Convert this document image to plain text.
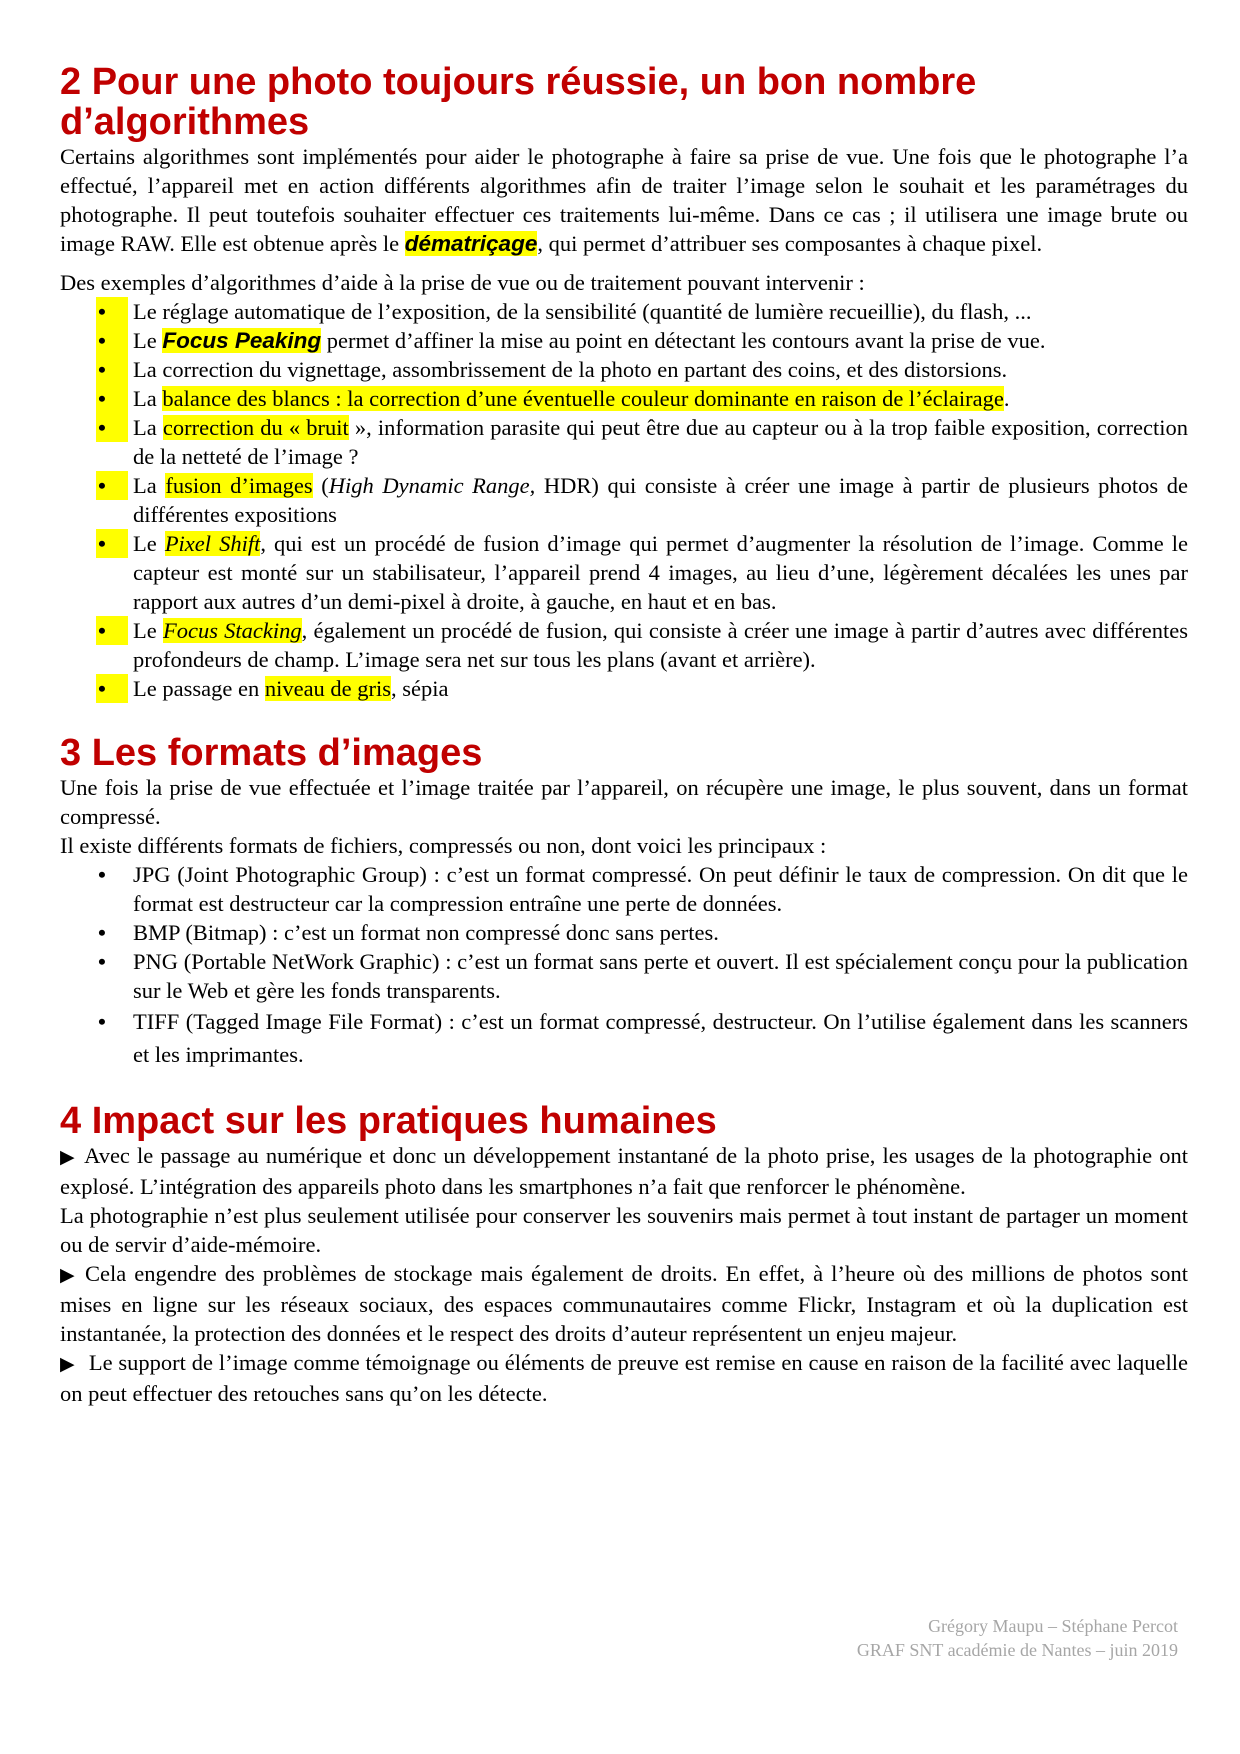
2 Pour une photo toujours réussie, un bon nombre d’algorithmes

Certains algorithmes sont implémentés pour aider le photographe à faire sa prise de vue. Une fois que le photographe l’a effectué, l’appareil met en action différents algorithmes afin de traiter l’image selon le souhait et les paramétrages du photographe. Il peut toutefois souhaiter effectuer ces traitements lui-même. Dans ce cas ; il utilisera une image brute ou image RAW. Elle est obtenue après le dématriçage, qui permet d’attribuer ses composantes à chaque pixel.

Des exemples d’algorithmes d’aide à la prise de vue ou de traitement pouvant intervenir :

•	Le réglage automatique de l’exposition, de la sensibilité (quantité de lumière recueillie), du flash, ...
•	Le Focus Peaking permet d’affiner la mise au point en détectant les contours avant la prise de vue.
•	La correction du vignettage, assombrissement de la photo en partant des coins, et des distorsions.
•	La balance des blancs : la correction d’une éventuelle couleur dominante en raison de l’éclairage.
•	La correction du « bruit », information parasite qui peut être due au capteur ou à la trop faible exposition, correction de la netteté de l’image ?
•	La fusion d’images (High Dynamic Range, HDR) qui consiste à créer une image à partir de plusieurs photos de différentes expositions
•	Le Pixel Shift, qui est un procédé de fusion d’image qui permet d’augmenter la résolution de l’image. Comme le capteur est monté sur un stabilisateur, l’appareil prend 4 images, au lieu d’une, légèrement décalées les unes par rapport aux autres d’un demi-pixel à droite, à gauche, en haut et en bas.
•	Le Focus Stacking, également un procédé de fusion, qui consiste à créer une image à partir d’autres avec différentes profondeurs de champ. L’image sera net sur tous les plans (avant et arrière).
•	Le passage en niveau de gris, sépia
3 Les formats d’images

Une fois la prise de vue effectuée et l’image traitée par l’appareil, on récupère une image, le plus souvent, dans un format compressé.

Il existe différents formats de fichiers, compressés ou non, dont voici les principaux :

•	JPG (Joint Photographic Group) : c’est un format compressé. On peut définir le taux de compression. On dit que le format est destructeur car la compression entraîne une perte de données.
•	BMP (Bitmap) : c’est un format non compressé donc sans pertes.
•	PNG (Portable NetWork Graphic) : c’est un format sans perte et ouvert. Il est spécialement conçu pour la publication sur le Web et gère les fonds transparents.
•	TIFF (Tagged Image File Format) : c’est un format compressé, destructeur. On l’utilise également dans les scanners et les imprimantes.
4 Impact sur les pratiques humaines

▶ Avec le passage au numérique et donc un développement instantané de la photo prise, les usages de la photographie ont explosé. L’intégration des appareils photo dans les smartphones n’a fait que renforcer le phénomène.

La photographie n’est plus seulement utilisée pour conserver les souvenirs mais permet à tout instant de partager un moment ou de servir d’aide-mémoire.

▶ Cela engendre des problèmes de stockage mais également de droits. En effet, à l’heure où des millions de photos sont mises en ligne sur les réseaux sociaux, des espaces communautaires comme Flickr, Instagram et où la duplication est instantanée, la protection des données et le respect des droits d’auteur représentent un enjeu majeur.

▶ Le support de l’image comme témoignage ou éléments de preuve est remise en cause en raison de la facilité avec laquelle on peut effectuer des retouches sans qu’on les détecte.

Grégory Maupu – Stéphane Percot
GRAF SNT académie de Nantes – juin 2019
